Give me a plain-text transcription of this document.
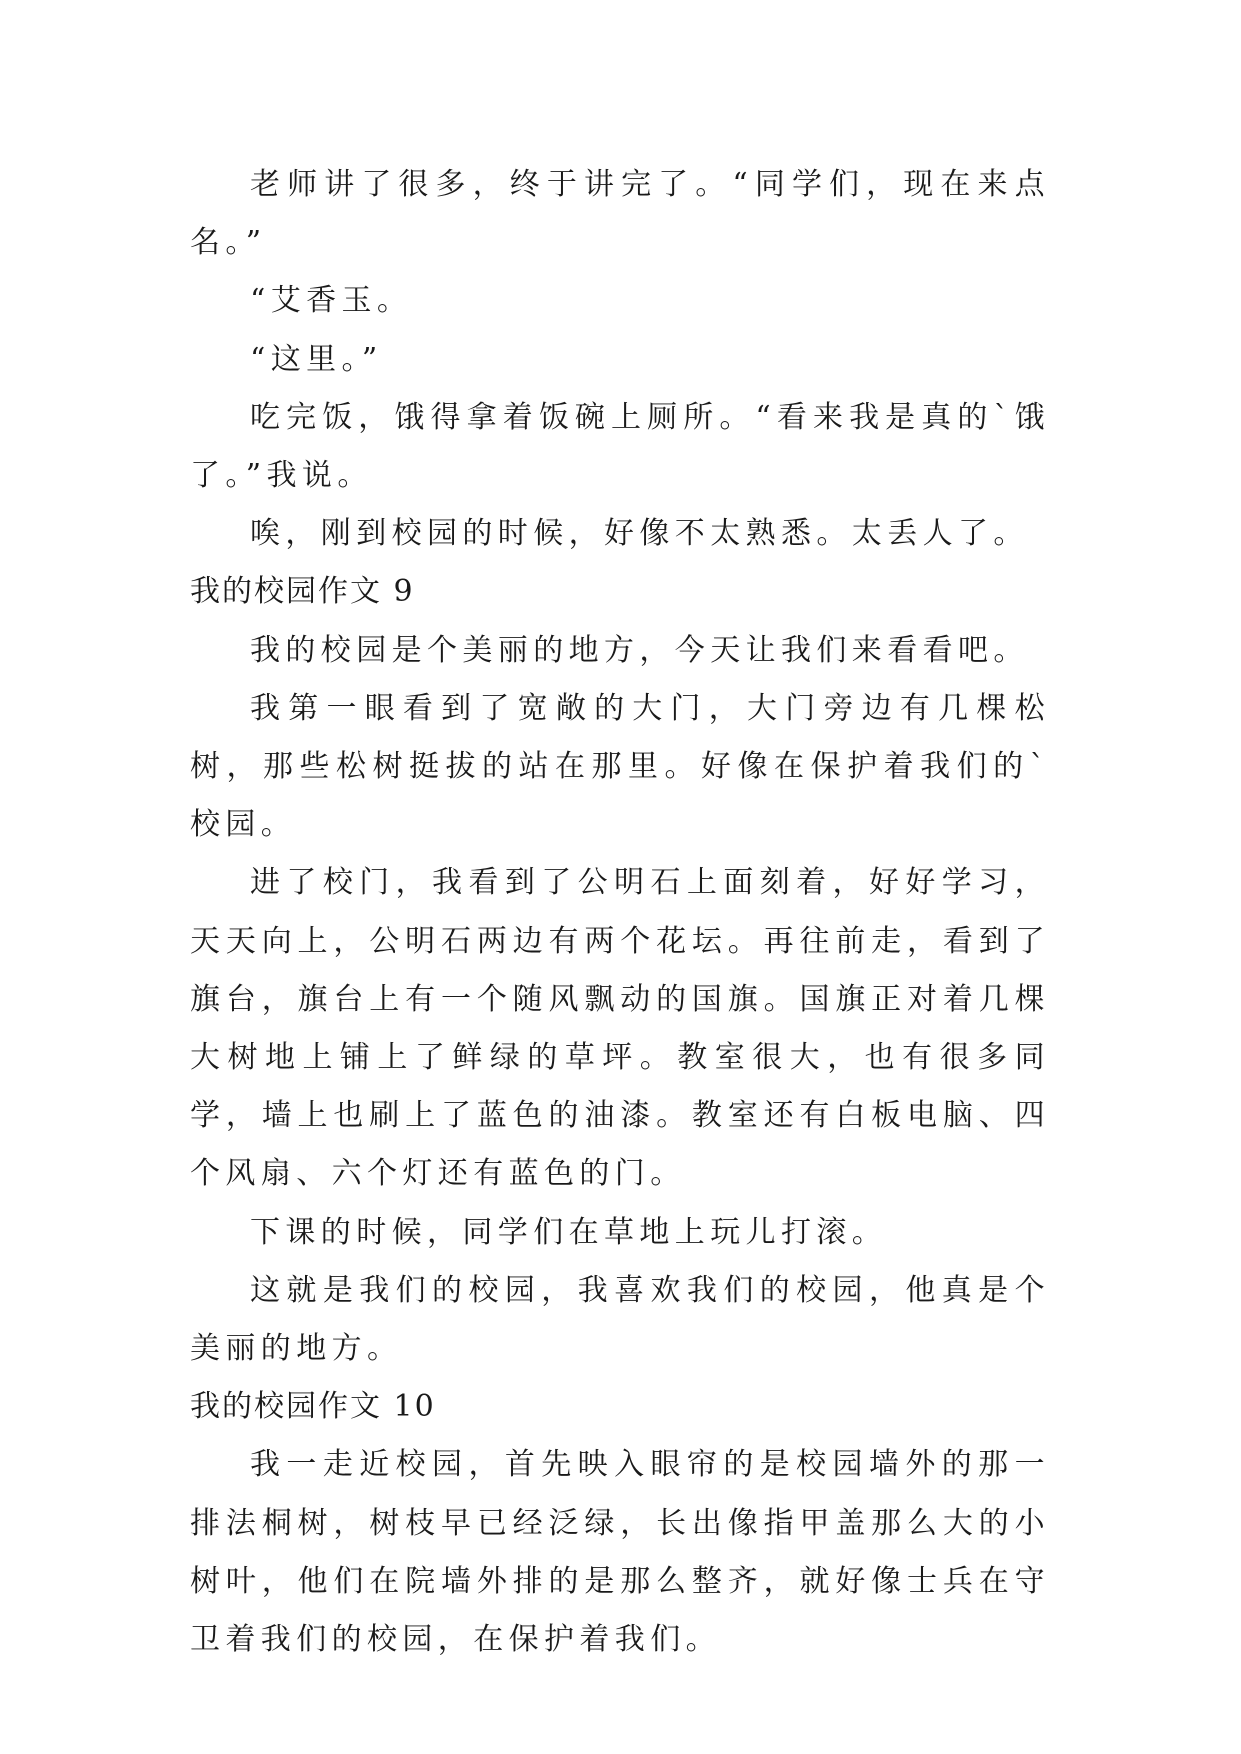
老师讲了很多，终于讲完了。“同学们，现在来点名。”

“艾香玉。

“这里。”

吃完饭，饿得拿着饭碗上厕所。“看来我是真的`饿了。”我说。

唉，刚到校园的时候，好像不太熟悉。太丢人了。

我的校园作文 9

我的校园是个美丽的地方，今天让我们来看看吧。

我第一眼看到了宽敞的大门，大门旁边有几棵松树，那些松树挺拔的站在那里。好像在保护着我们的`校园。

进了校门，我看到了公明石上面刻着，好好学习，天天向上，公明石两边有两个花坛。再往前走，看到了旗台，旗台上有一个随风飘动的国旗。国旗正对着几棵大树地上铺上了鲜绿的草坪。教室很大，也有很多同学，墙上也刷上了蓝色的油漆。教室还有白板电脑、四个风扇、六个灯还有蓝色的门。

下课的时候，同学们在草地上玩儿打滚。

这就是我们的校园，我喜欢我们的校园，他真是个美丽的地方。

我的校园作文 10

我一走近校园，首先映入眼帘的是校园墙外的那一排法桐树，树枝早已经泛绿，长出像指甲盖那么大的小树叶，他们在院墙外排的是那么整齐，就好像士兵在守卫着我们的校园，在保护着我们。
